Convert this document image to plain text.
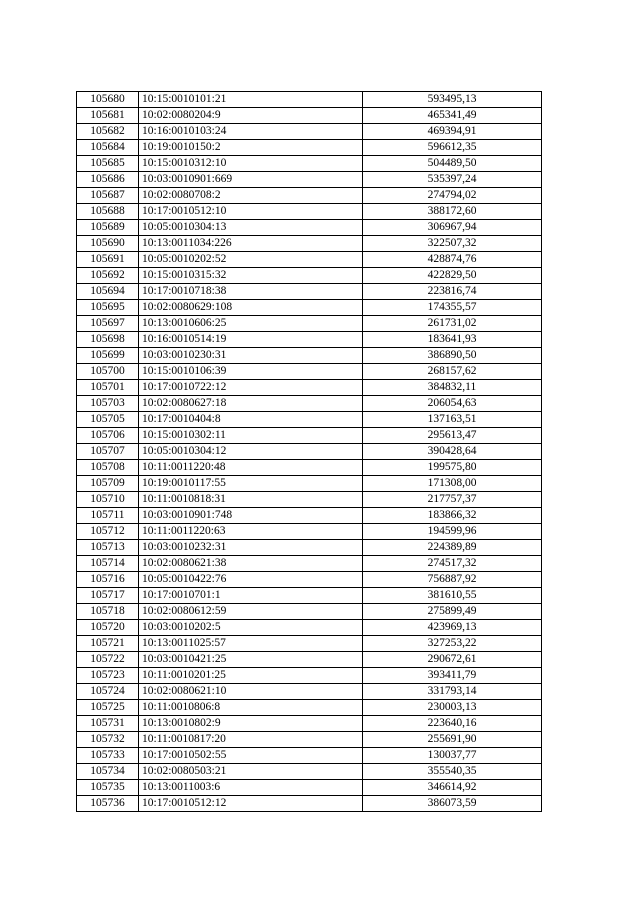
105680	10:15:0010101:21	593495,13
105681	10:02:0080204:9	465341,49
105682	10:16:0010103:24	469394,91
105684	10:19:0010150:2	596612,35
105685	10:15:0010312:10	504489,50
105686	10:03:0010901:669	535397,24
105687	10:02:0080708:2	274794,02
105688	10:17:0010512:10	388172,60
105689	10:05:0010304:13	306967,94
105690	10:13:0011034:226	322507,32
105691	10:05:0010202:52	428874,76
105692	10:15:0010315:32	422829,50
105694	10:17:0010718:38	223816,74
105695	10:02:0080629:108	174355,57
105697	10:13:0010606:25	261731,02
105698	10:16:0010514:19	183641,93
105699	10:03:0010230:31	386890,50
105700	10:15:0010106:39	268157,62
105701	10:17:0010722:12	384832,11
105703	10:02:0080627:18	206054,63
105705	10:17:0010404:8	137163,51
105706	10:15:0010302:11	295613,47
105707	10:05:0010304:12	390428,64
105708	10:11:0011220:48	199575,80
105709	10:19:0010117:55	171308,00
105710	10:11:0010818:31	217757,37
105711	10:03:0010901:748	183866,32
105712	10:11:0011220:63	194599,96
105713	10:03:0010232:31	224389,89
105714	10:02:0080621:38	274517,32
105716	10:05:0010422:76	756887,92
105717	10:17:0010701:1	381610,55
105718	10:02:0080612:59	275899,49
105720	10:03:0010202:5	423969,13
105721	10:13:0011025:57	327253,22
105722	10:03:0010421:25	290672,61
105723	10:11:0010201:25	393411,79
105724	10:02:0080621:10	331793,14
105725	10:11:0010806:8	230003,13
105731	10:13:0010802:9	223640,16
105732	10:11:0010817:20	255691,90
105733	10:17:0010502:55	130037,77
105734	10:02:0080503:21	355540,35
105735	10:13:0011003:6	346614,92
105736	10:17:0010512:12	386073,59
